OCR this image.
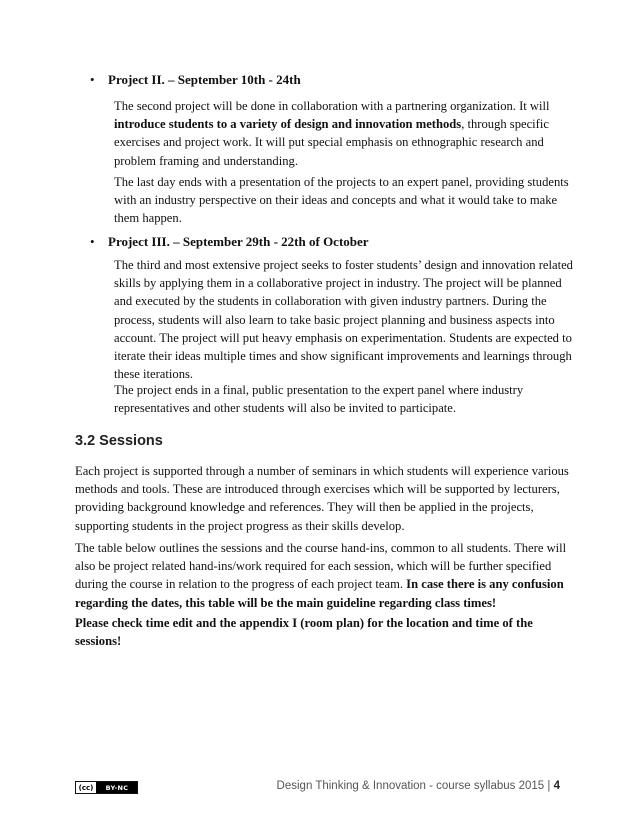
•	Project II. – September 10th - 24th

The second project will be done in collaboration with a partnering organization. It will introduce students to a variety of design and innovation methods, through specific exercises and project work. It will put special emphasis on ethnographic research and problem framing and understanding.

The last day ends with a presentation of the projects to an expert panel, providing students with an industry perspective on their ideas and concepts and what it would take to make them happen.

•	Project III. – September 29th - 22th of October

The third and most extensive project seeks to foster students’ design and innovation related skills by applying them in a collaborative project in industry. The project will be planned and executed by the students in collaboration with given industry partners. During the process, students will also learn to take basic project planning and business aspects into account. The project will put heavy emphasis on experimentation. Students are expected to iterate their ideas multiple times and show significant improvements and learnings through these iterations.

The project ends in a final, public presentation to the expert panel where industry representatives and other students will also be invited to participate.

3.2 Sessions

Each project is supported through a number of seminars in which students will experience various methods and tools. These are introduced through exercises which will be supported by lecturers, providing background knowledge and references. They will then be applied in the projects, supporting students in the project progress as their skills develop.

The table below outlines the sessions and the course hand-ins, common to all students. There will also be project related hand-ins/work required for each session, which will be further specified during the course in relation to the progress of each project team. In case there is any confusion regarding the dates, this table will be the main guideline regarding class times!

Please check time edit and the appendix I (room plan) for the location and time of the sessions!

(cc)	BY-NC	Design Thinking & Innovation - course syllabus 2015 | 4
